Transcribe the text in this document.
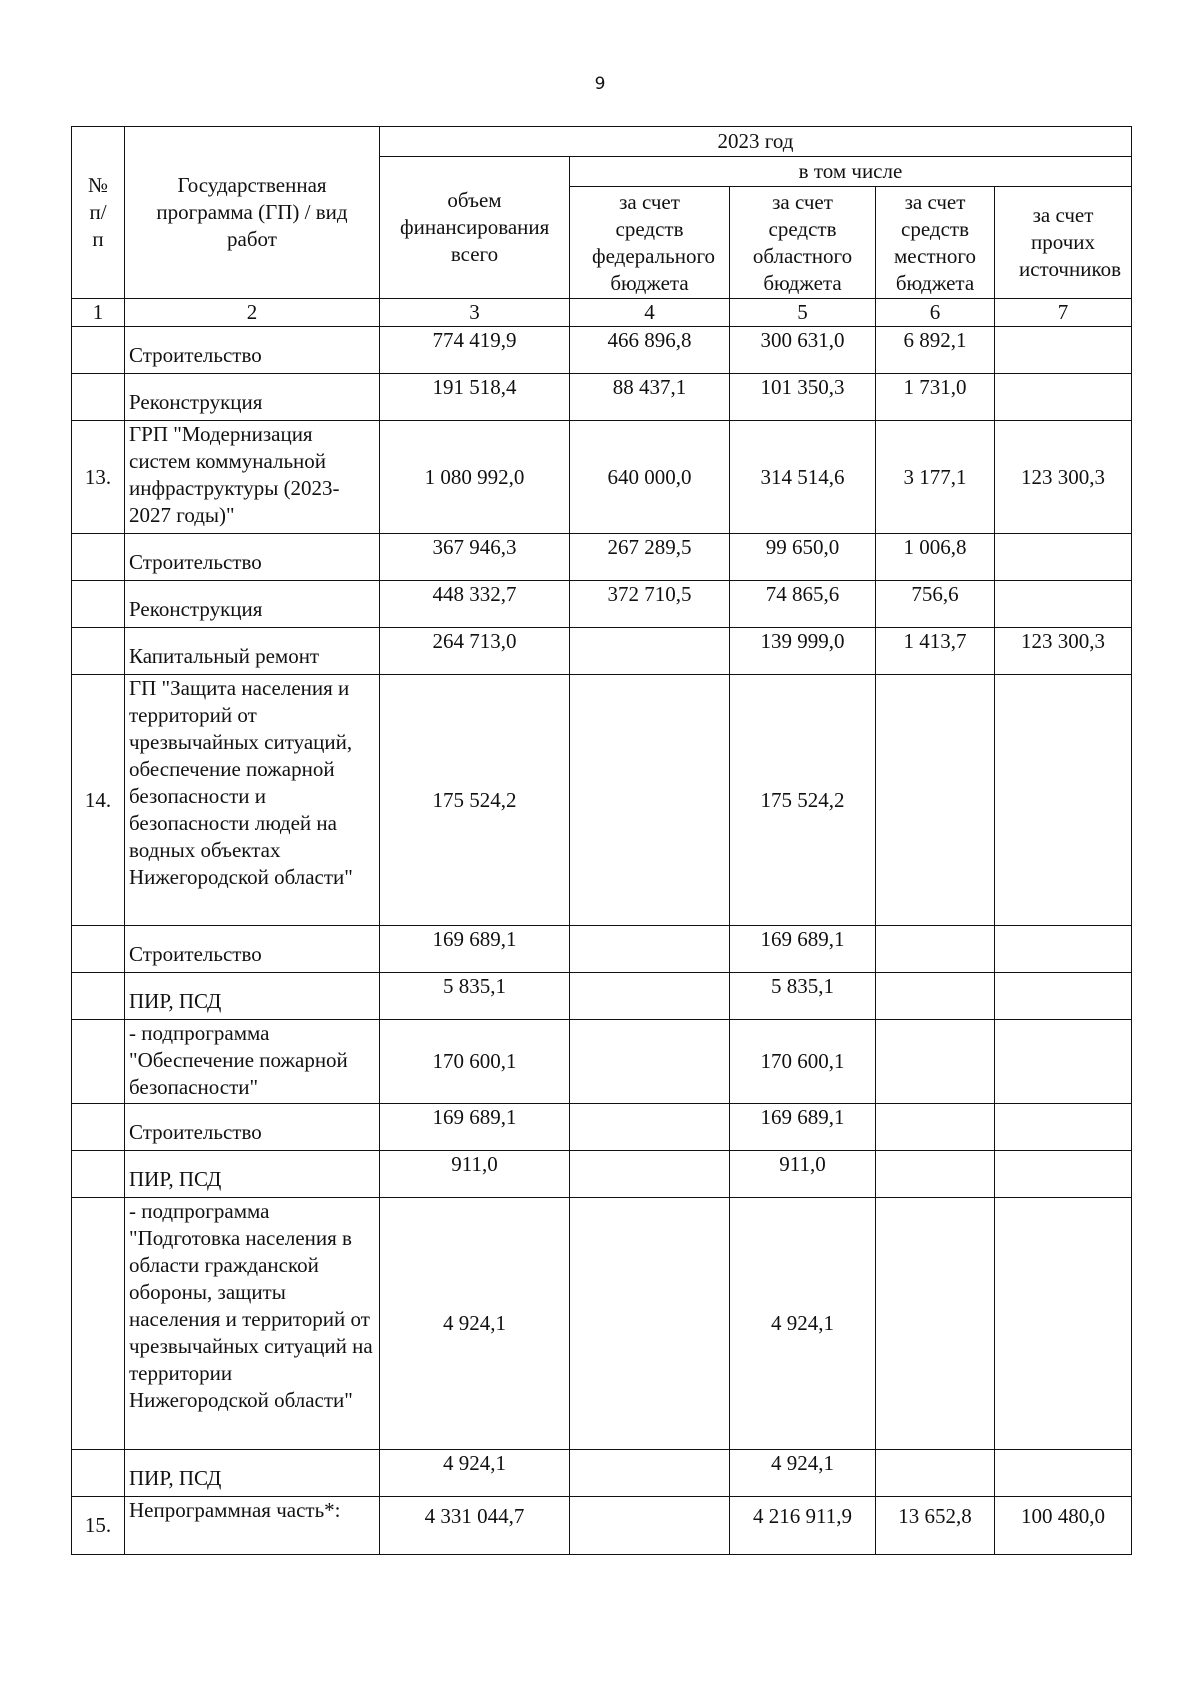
9
№ п/ п	Государственная программа (ГП) / вид работ	2023 год				
		объем финансирования всего	в том числе			
			за счет средств федерального бюджета	за счет средств областного бюджета	за счет средств местного бюджета	за счет прочих источников
1	2	3	4	5	6	7
	Строительство	774 419,9	466 896,8	300 631,0	6 892,1	
	Реконструкция	191 518,4	88 437,1	101 350,3	1 731,0	
13.	ГРП "Модернизация систем коммунальной инфраструктуры (2023-2027 годы)"	1 080 992,0	640 000,0	314 514,6	3 177,1	123 300,3
	Строительство	367 946,3	267 289,5	99 650,0	1 006,8	
	Реконструкция	448 332,7	372 710,5	74 865,6	756,6	
	Капитальный ремонт	264 713,0		139 999,0	1 413,7	123 300,3
14.	ГП "Защита населения и территорий от чрезвычайных ситуаций, обеспечение пожарной безопасности и безопасности людей на водных объектах Нижегородской области"	175 524,2		175 524,2		
	Строительство	169 689,1		169 689,1		
	ПИР, ПСД	5 835,1		5 835,1		
	- подпрограмма "Обеспечение пожарной безопасности"	170 600,1		170 600,1		
	Строительство	169 689,1		169 689,1		
	ПИР, ПСД	911,0		911,0		
	- подпрограмма "Подготовка населения в области гражданской обороны, защиты населения и территорий от чрезвычайных ситуаций на территории Нижегородской области"	4 924,1		4 924,1		
	ПИР, ПСД	4 924,1		4 924,1		
15.	Непрограммная часть*:	4 331 044,7		4 216 911,9	13 652,8	100 480,0
